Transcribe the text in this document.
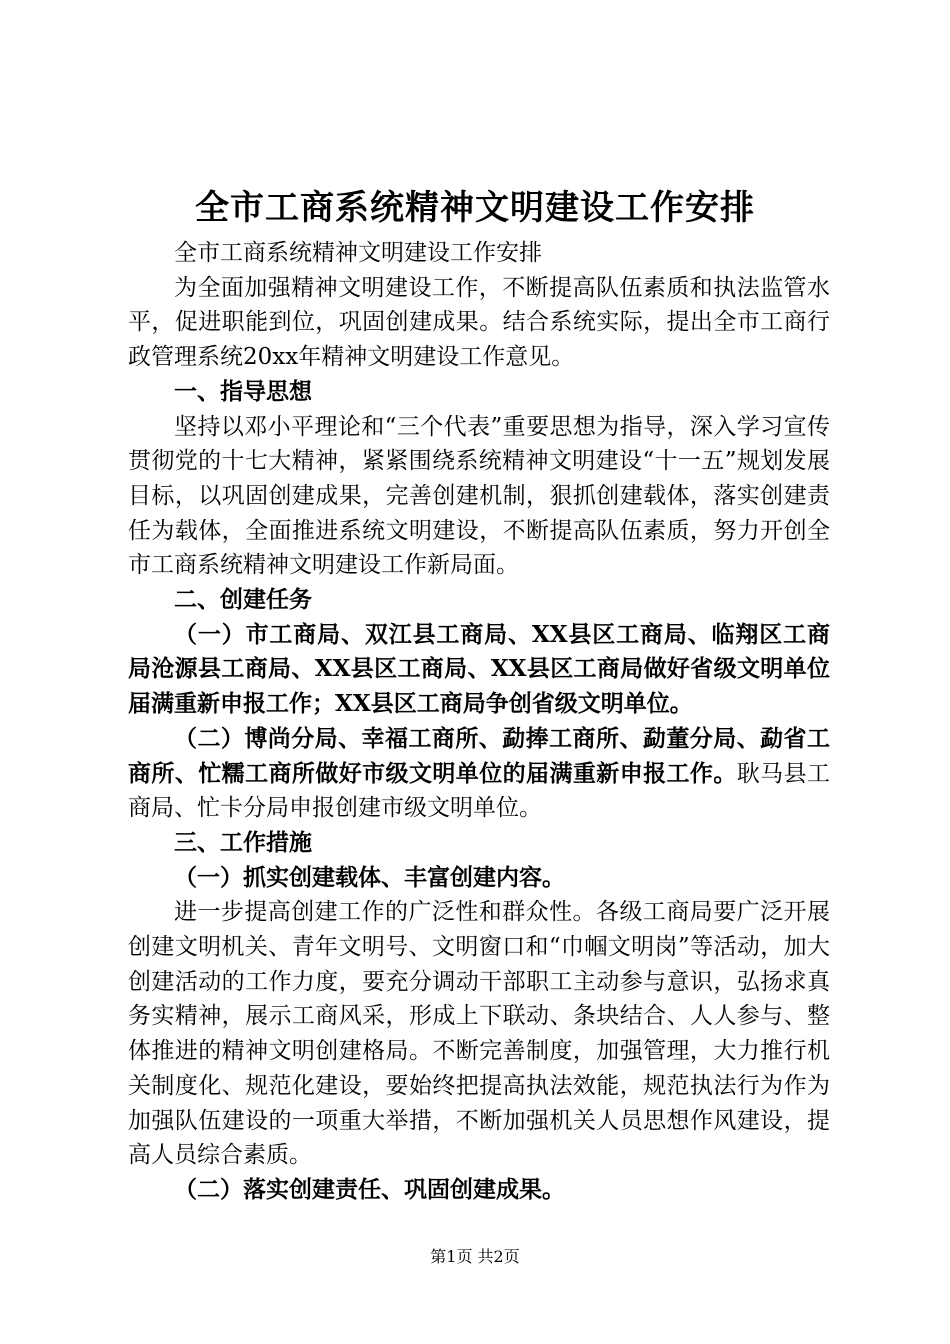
全市工商系统精神文明建设工作安排

全市工商系统精神文明建设工作安排

为全面加强精神文明建设工作，不断提高队伍素质和执法监管水平，促进职能到位，巩固创建成果。结合系统实际，提出全市工商行政管理系统20xx年精神文明建设工作意见。

一、指导思想

坚持以邓小平理论和“三个代表”重要思想为指导，深入学习宣传贯彻党的十七大精神，紧紧围绕系统精神文明建设“十一五”规划发展目标，以巩固创建成果，完善创建机制，狠抓创建载体，落实创建责任为载体，全面推进系统文明建设，不断提高队伍素质，努力开创全市工商系统精神文明建设工作新局面。

二、创建任务

（一）市工商局、双江县工商局、XX县区工商局、临翔区工商局沧源县工商局、XX县区工商局、XX县区工商局做好省级文明单位届满重新申报工作；XX县区工商局争创省级文明单位。

（二）博尚分局、幸福工商所、勐捧工商所、勐董分局、勐省工商所、忙糯工商所做好市级文明单位的届满重新申报工作。耿马县工商局、忙卡分局申报创建市级文明单位。

三、工作措施

（一）抓实创建载体、丰富创建内容。

进一步提高创建工作的广泛性和群众性。各级工商局要广泛开展创建文明机关、青年文明号、文明窗口和“巾帼文明岗”等活动，加大创建活动的工作力度，要充分调动干部职工主动参与意识，弘扬求真务实精神，展示工商风采，形成上下联动、条块结合、人人参与、整体推进的精神文明创建格局。不断完善制度，加强管理，大力推行机关制度化、规范化建设，要始终把提高执法效能，规范执法行为作为加强队伍建设的一项重大举措，不断加强机关人员思想作风建设，提高人员综合素质。

（二）落实创建责任、巩固创建成果。

第1页 共2页
